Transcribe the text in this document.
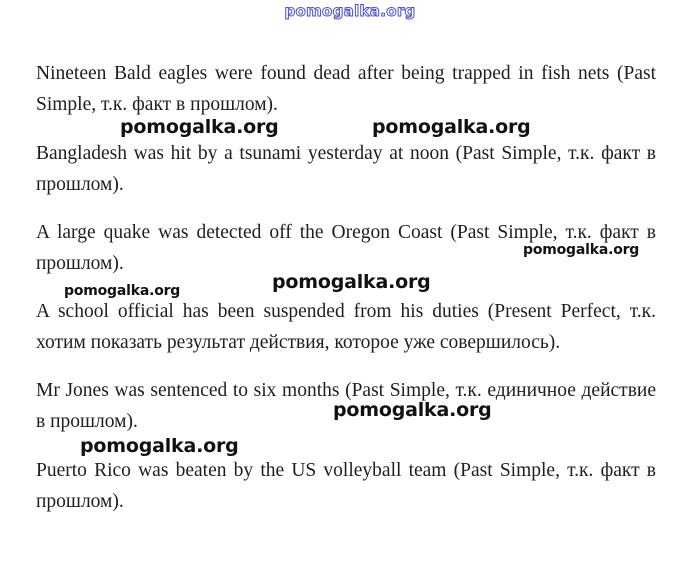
pomogalka.org

Nineteen Bald eagles were found dead after being trapped in fish nets (Past Simple, т.к. факт в прошлом).

Bangladesh was hit by a tsunami yesterday at noon (Past Simple, т.к. факт в прошлом).

A large quake was detected off the Oregon Coast (Past Simple, т.к. факт в прошлом).

A school official has been suspended from his duties (Present Perfect, т.к. хотим показать результат действия, которое уже совершилось).

Mr Jones was sentenced to six months (Past Simple, т.к. единичное действие в прошлом).

Puerto Rico was beaten by the US volleyball team (Past Simple, т.к. факт в прошлом).

pomogalka.org	pomogalka.org
pomogalka.org
pomogalka.org
pomogalka.org
pomogalka.org
pomogalka.org
